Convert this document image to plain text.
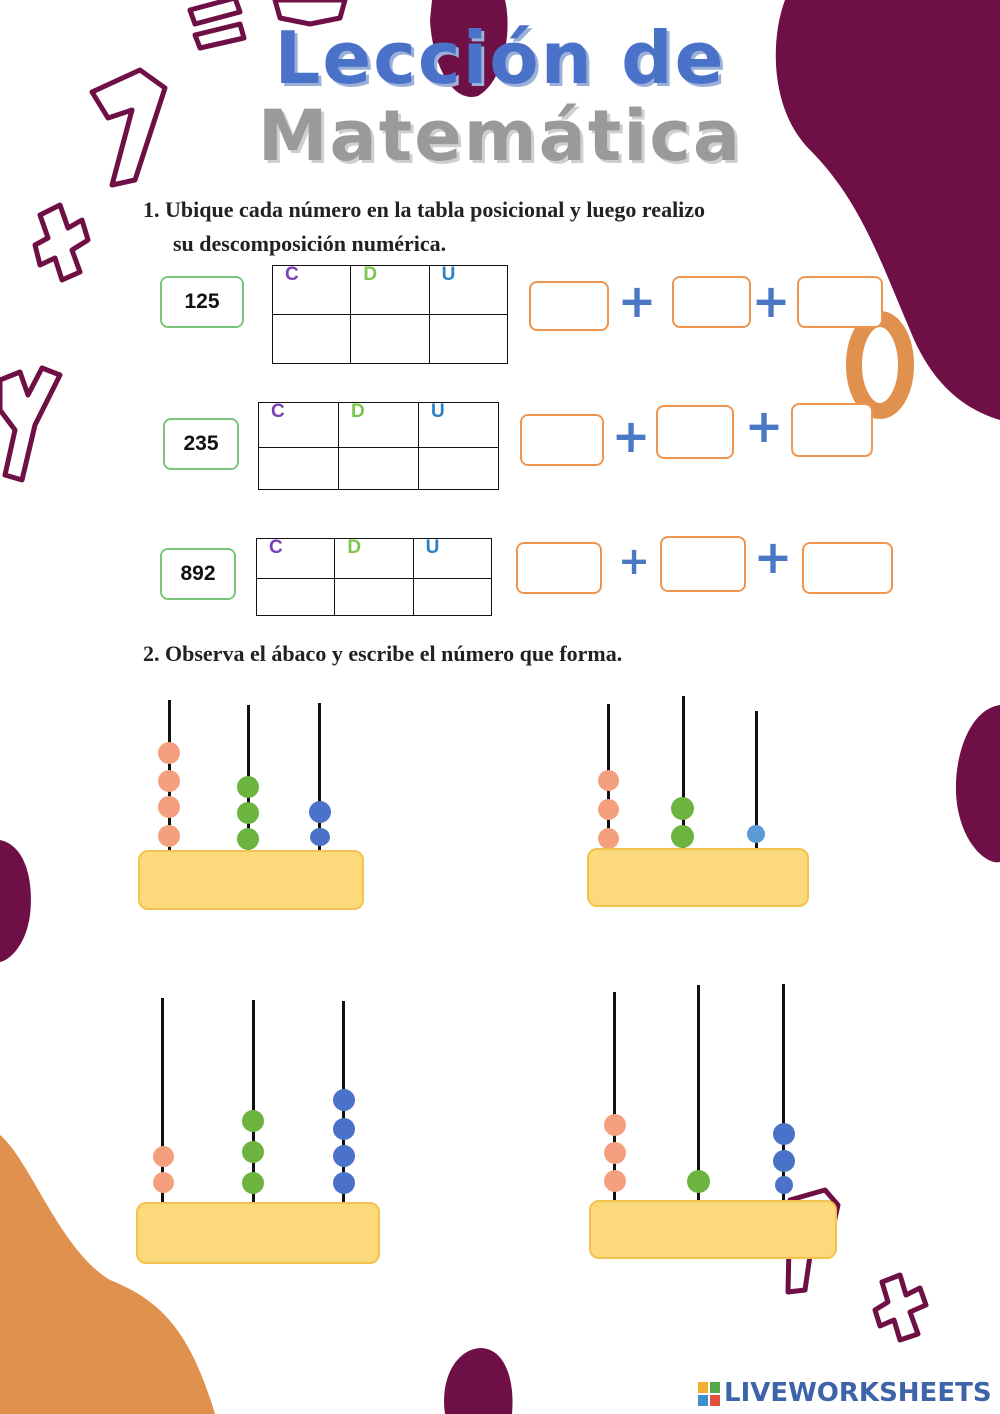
Lección de
Matemática
1. Ubique cada número en la tabla posicional y luego realizo
su descomposición numérica.
125
C	D	U

			+ +
235
C	D	U

			+ +
892
C	D	U

			+ +
2. Observa el ábaco y escribe el número que forma.
LIVEWORKSHEETS
